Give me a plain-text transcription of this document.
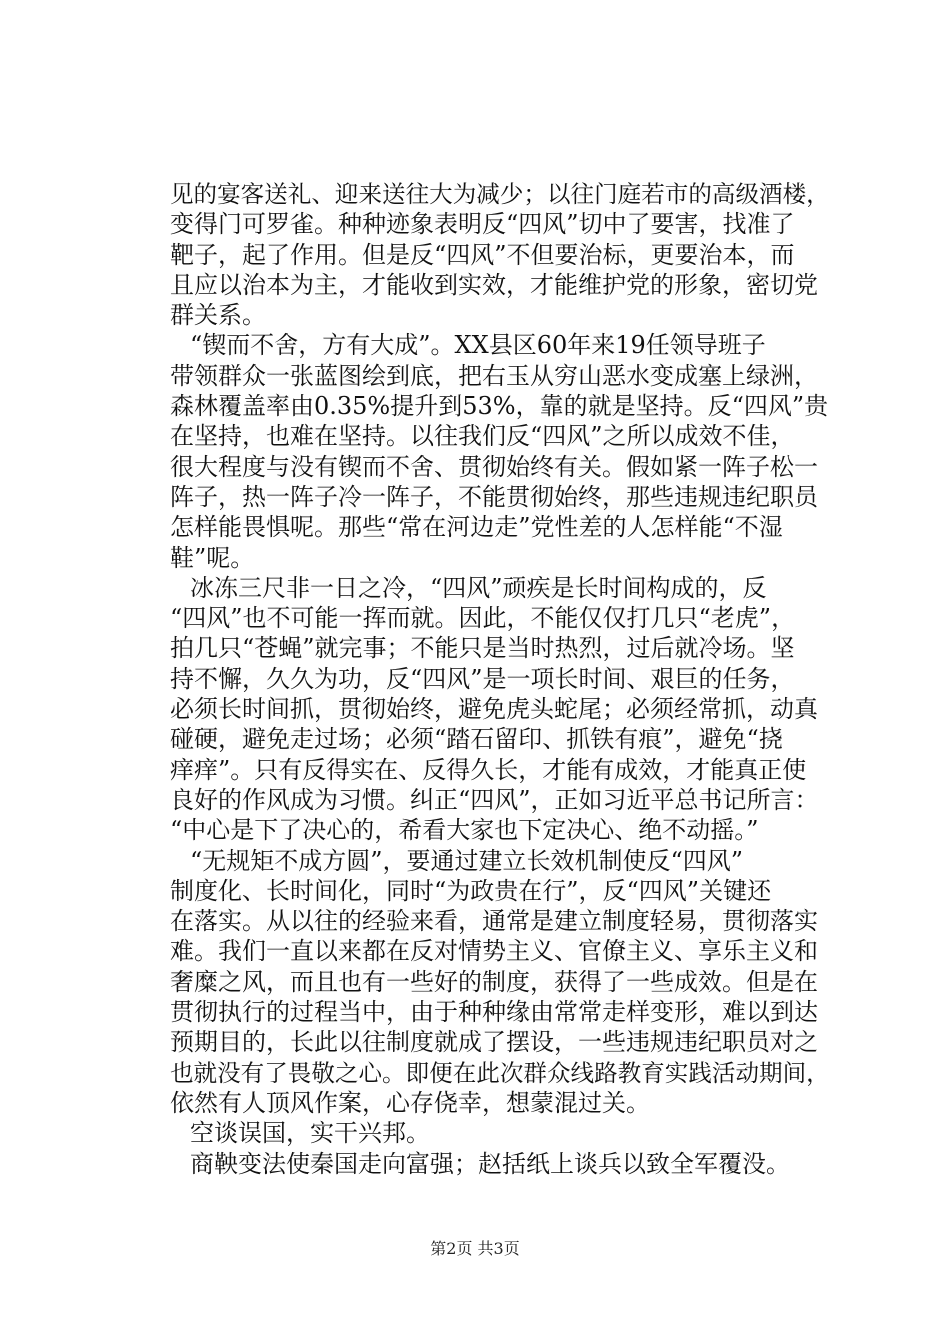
见的宴客送礼、迎来送往大为减少；以往门庭若市的高级酒楼，
变得门可罗雀。种种迹象表明反“四风”切中了要害，找准了
靶子，起了作用。但是反“四风”不但要治标，更要治本，而
且应以治本为主，才能收到实效，才能维护党的形象，密切党
群关系。
“锲而不舍，方有大成”。XX县区60年来19任领导班子
带领群众一张蓝图绘到底，把右玉从穷山恶水变成塞上绿洲，
森林覆盖率由0.35%提升到53%，靠的就是坚持。反“四风”贵
在坚持，也难在坚持。以往我们反“四风”之所以成效不佳，
很大程度与没有锲而不舍、贯彻始终有关。假如紧一阵子松一
阵子，热一阵子冷一阵子，不能贯彻始终，那些违规违纪职员
怎样能畏惧呢。那些“常在河边走”党性差的人怎样能“不湿
鞋”呢。
冰冻三尺非一日之冷，“四风”顽疾是长时间构成的，反
“四风”也不可能一挥而就。因此，不能仅仅打几只“老虎”，
拍几只“苍蝇”就完事；不能只是当时热烈，过后就冷场。坚
持不懈，久久为功，反“四风”是一项长时间、艰巨的任务，
必须长时间抓，贯彻始终，避免虎头蛇尾；必须经常抓，动真
碰硬，避免走过场；必须“踏石留印、抓铁有痕”，避免“挠
痒痒”。只有反得实在、反得久长，才能有成效，才能真正使
良好的作风成为习惯。纠正“四风”，正如习近平总书记所言：
“中心是下了决心的，希看大家也下定决心、绝不动摇。”
“无规矩不成方圆”，要通过建立长效机制使反“四风”
制度化、长时间化，同时“为政贵在行”，反“四风”关键还
在落实。从以往的经验来看，通常是建立制度轻易，贯彻落实
难。我们一直以来都在反对情势主义、官僚主义、享乐主义和
奢糜之风，而且也有一些好的制度，获得了一些成效。但是在
贯彻执行的过程当中，由于种种缘由常常走样变形，难以到达
预期目的，长此以往制度就成了摆设，一些违规违纪职员对之
也就没有了畏敬之心。即便在此次群众线路教育实践活动期间，
依然有人顶风作案，心存侥幸，想蒙混过关。
空谈误国，实干兴邦。
商鞅变法使秦国走向富强；赵括纸上谈兵以致全军覆没。
第2页 共3页
